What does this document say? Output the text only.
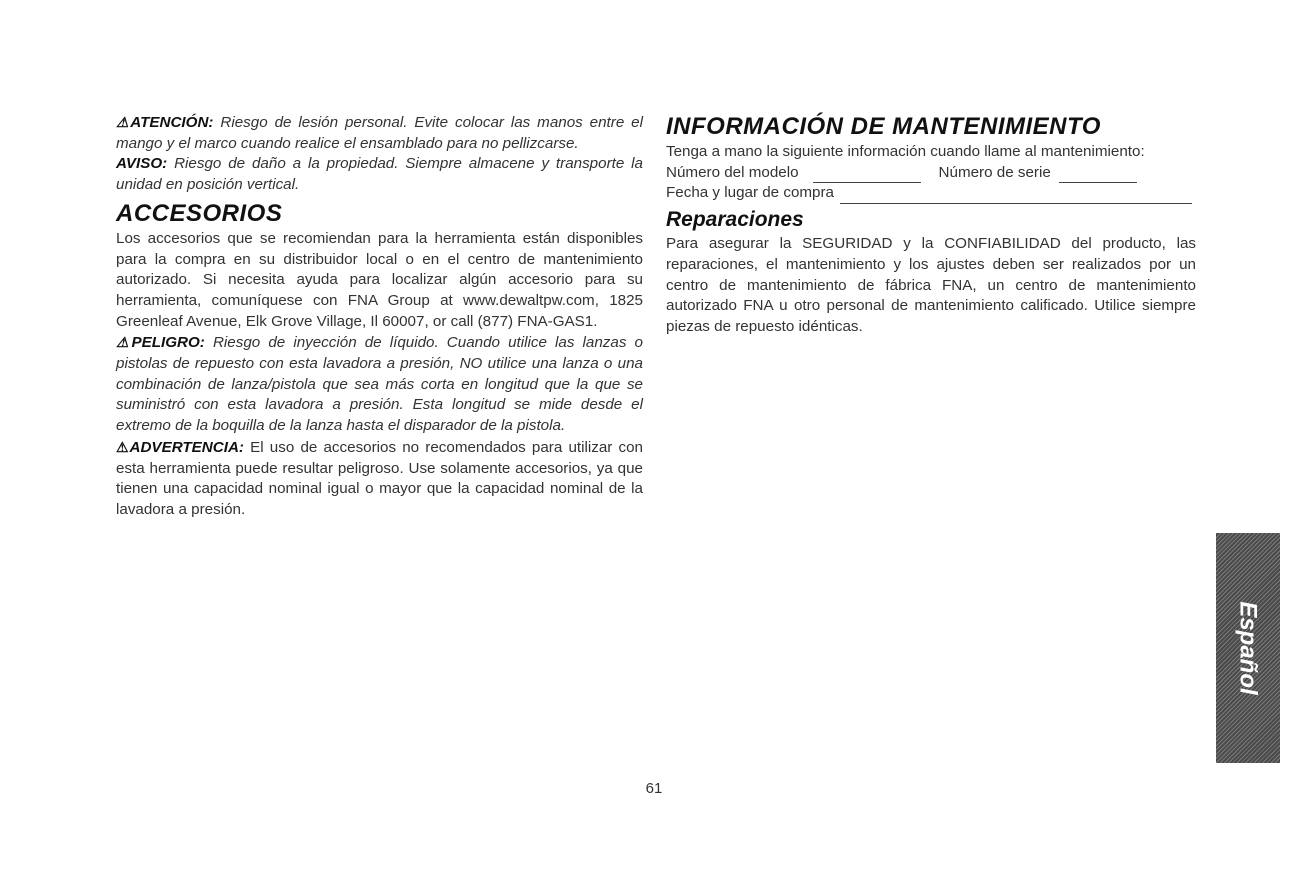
⚠ATENCIÓN: Riesgo de lesión personal. Evite colocar las manos entre el mango y el marco cuando realice el ensamblado para no pellizcarse.

AVISO: Riesgo de daño a la propiedad. Siempre almacene y transporte la unidad en posición vertical.

ACCESORIOS

Los accesorios que se recomiendan para la herramienta están disponibles para la compra en su distribuidor local o en el centro de mantenimiento autorizado. Si necesita ayuda para localizar algún accesorio para su herramienta, comuníquese con FNA Group at www.dewaltpw.com, 1825 Greenleaf Avenue, Elk Grove Village, Il 60007, or call (877) FNA-GAS1.

⚠PELIGRO: Riesgo de inyección de líquido. Cuando utilice las lanzas o pistolas de repuesto con esta lavadora a presión, NO utilice una lanza o una combinación de lanza/pistola que sea más corta en longitud que la que se suministró con esta lavadora a presión. Esta longitud se mide desde el extremo de la boquilla de la lanza hasta el disparador de la pistola.

⚠ADVERTENCIA: El uso de accesorios no recomendados para utilizar con esta herramienta puede resultar peligroso. Use solamente accesorios, ya que tienen una capacidad nominal igual o mayor que la capacidad nominal de la lavadora a presión.

INFORMACIÓN DE MANTENIMIENTO

Tenga a mano la siguiente información cuando llame al mantenimiento:

Número del modelo	Número de serie
Fecha y lugar de compra
Reparaciones

Para asegurar la SEGURIDAD y la CONFIABILIDAD del producto, las reparaciones, el mantenimiento y los ajustes deben ser realizados por un centro de mantenimiento de fábrica FNA, un centro de mantenimiento autorizado FNA u otro personal de mantenimiento calificado. Utilice siempre piezas de repuesto idénticas.

Español
61
